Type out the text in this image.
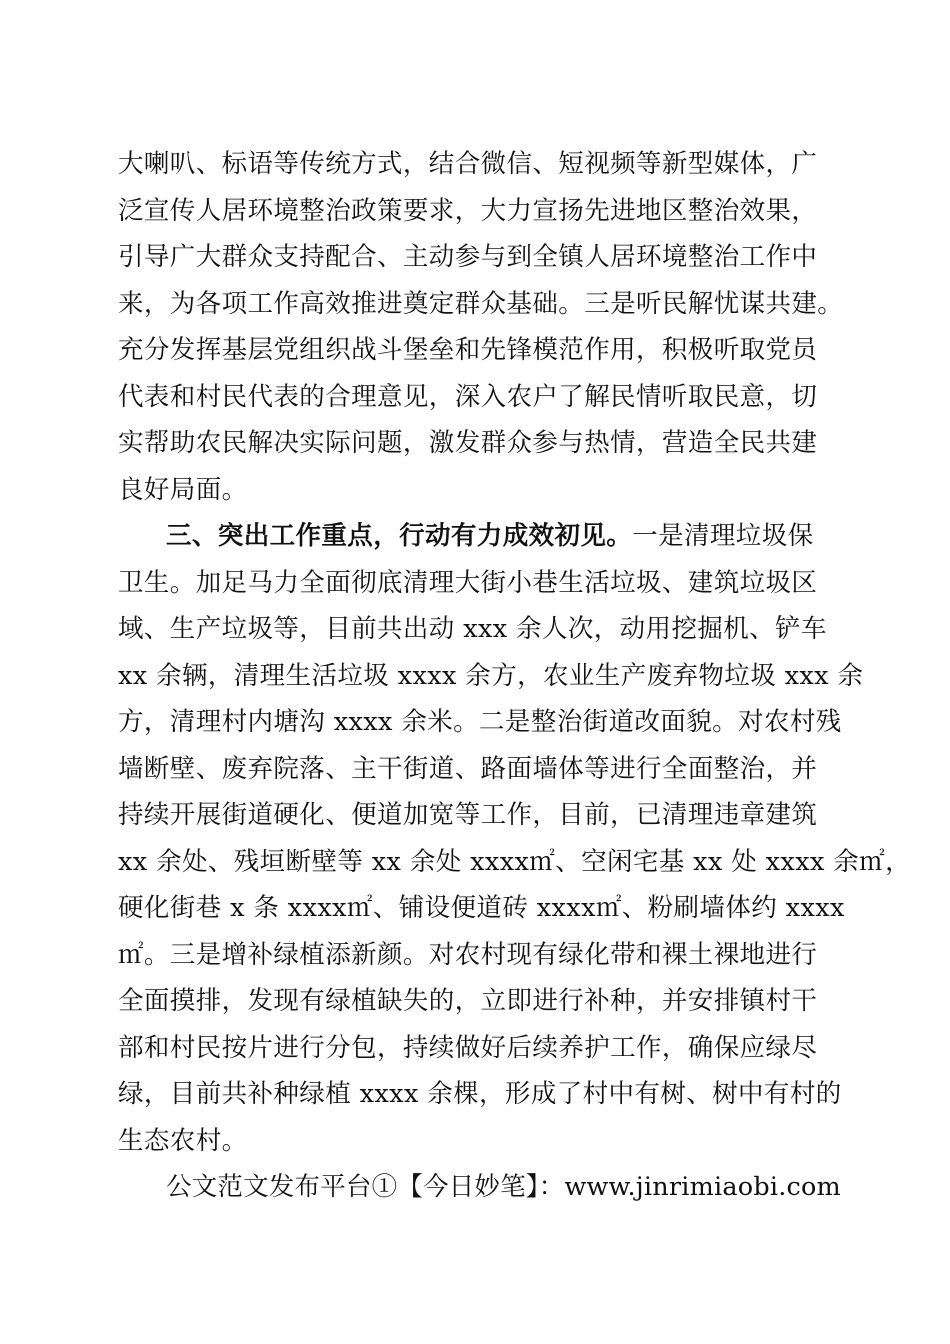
大喇叭、标语等传统方式，结合微信、短视频等新型媒体，广
泛宣传人居环境整治政策要求，大力宣扬先进地区整治效果，
引导广大群众支持配合、主动参与到全镇人居环境整治工作中
来，为各项工作高效推进奠定群众基础。三是听民解忧谋共建。
充分发挥基层党组织战斗堡垒和先锋模范作用，积极听取党员
代表和村民代表的合理意见，深入农户了解民情听取民意，切
实帮助农民解决实际问题，激发群众参与热情，营造全民共建
良好局面。
三、突出工作重点，行动有力成效初见。一是清理垃圾保
卫生。加足马力全面彻底清理大街小巷生活垃圾、建筑垃圾区
域、生产垃圾等，目前共出动 xxx 余人次，动用挖掘机、铲车
xx 余辆，清理生活垃圾 xxxx 余方，农业生产废弃物垃圾 xxx 余
方，清理村内塘沟 xxxx 余米。二是整治街道改面貌。对农村残
墙断壁、废弃院落、主干街道、路面墙体等进行全面整治，并
持续开展街道硬化、便道加宽等工作，目前，已清理违章建筑
xx 余处、残垣断壁等 xx 余处 xxxx㎡、空闲宅基 xx 处 xxxx 余㎡，
硬化街巷 x 条 xxxx㎡、铺设便道砖 xxxx㎡、粉刷墙体约 xxxx
㎡。三是增补绿植添新颜。对农村现有绿化带和裸土裸地进行
全面摸排，发现有绿植缺失的，立即进行补种，并安排镇村干
部和村民按片进行分包，持续做好后续养护工作，确保应绿尽
绿，目前共补种绿植 xxxx 余棵，形成了村中有树、树中有村的
生态农村。
公文范文发布平台①【今日妙笔】：www.jinrimiaobi.com
